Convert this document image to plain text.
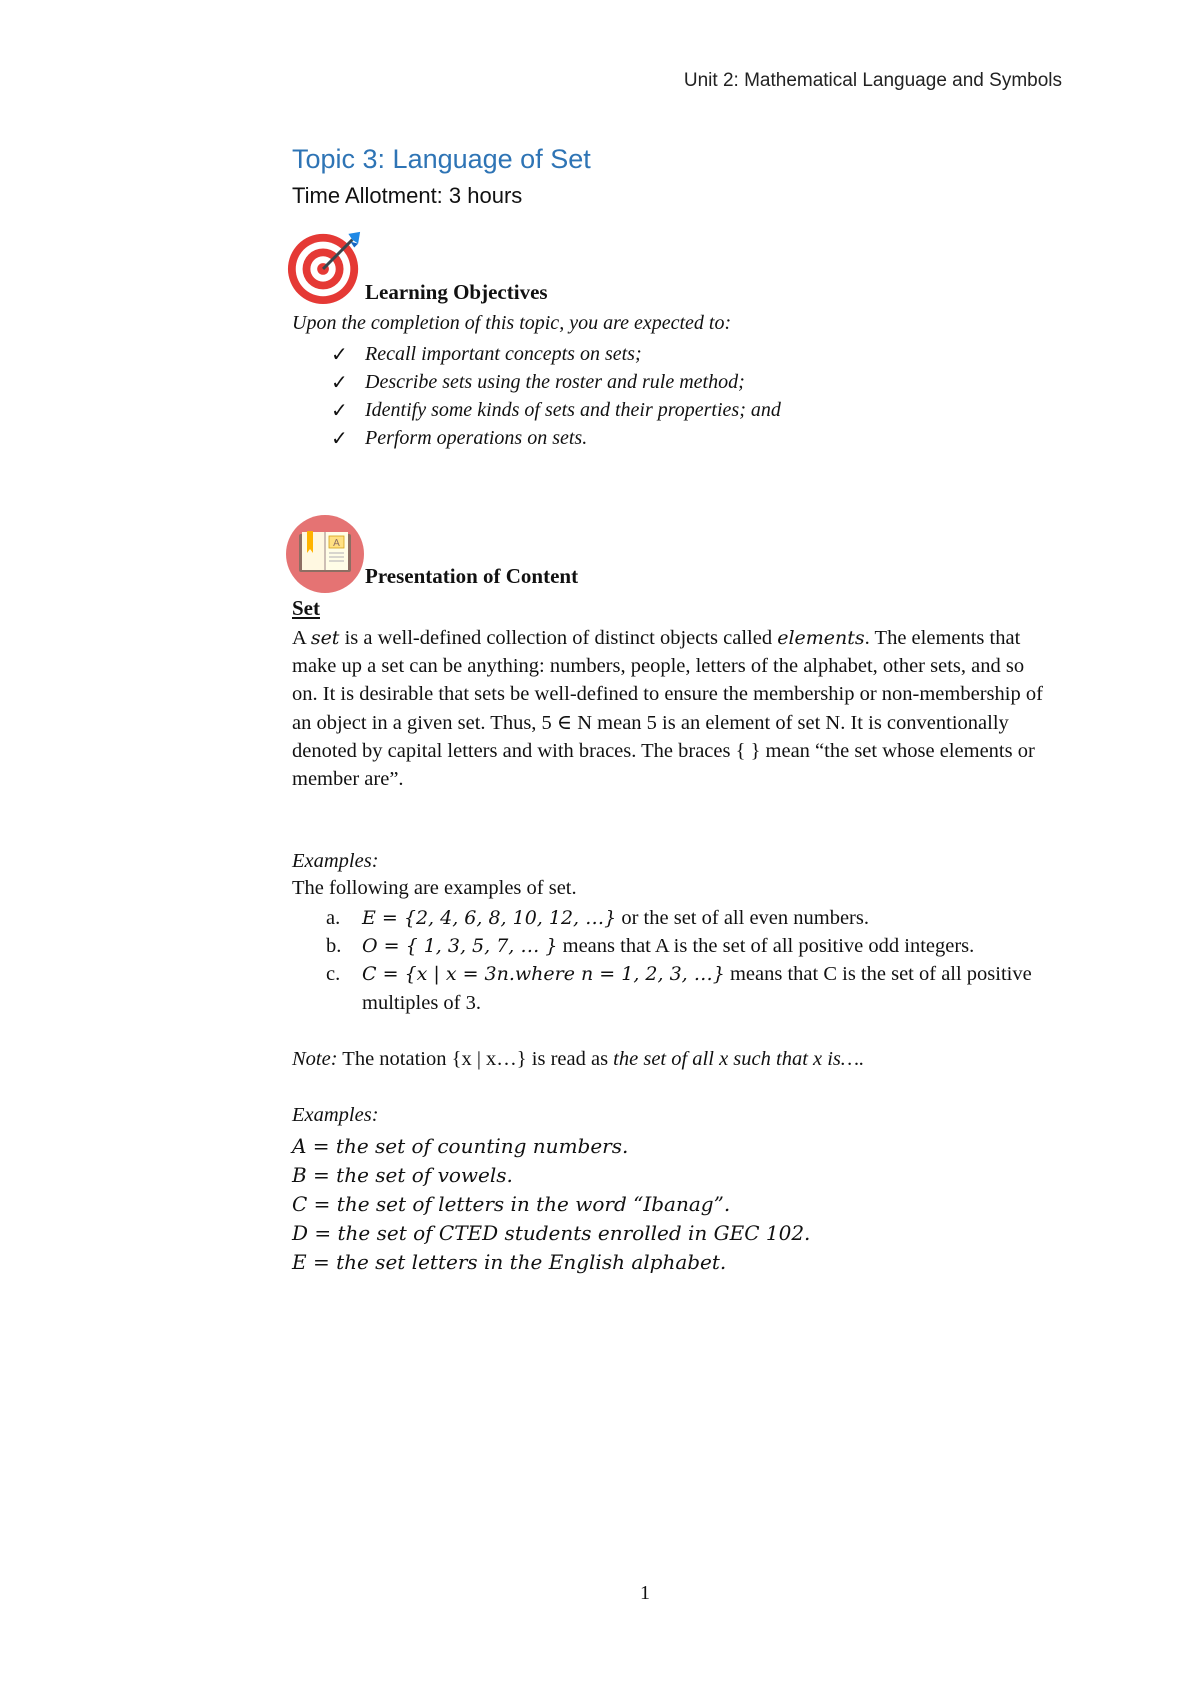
Unit 2: Mathematical Language and Symbols
Topic 3: Language of Set
Time Allotment: 3 hours
Learning Objectives
Upon the completion of this topic, you are expected to:
✓ Recall important concepts on sets;
✓ Describe sets using the roster and rule method;
✓ Identify some kinds of sets and their properties; and
✓ Perform operations on sets.
A
Presentation of Content
Set

A set is a well-defined collection of distinct objects called elements. The elements that make up a set can be anything: numbers, people, letters of the alphabet, other sets, and so on. It is desirable that sets be well-defined to ensure the membership or non-membership of an object in a given set. Thus, 5 ∈ N mean 5 is an element of set N. It is conventionally denoted by capital letters and with braces. The braces { } mean “the set whose elements or member are”.

Examples:
The following are examples of set.
a. E = {2, 4, 6, 8, 10, 12, …} or the set of all even numbers.
b. O = { 1, 3, 5, 7, … } means that A is the set of all positive odd integers.
c. C = {x | x = 3n.where n = 1, 2, 3, …} means that C is the set of all positive multiples of 3.
Note: The notation {x | x…} is read as the set of all x such that x is….
Examples:
A = the set of counting numbers.
B = the set of vowels.
C = the set of letters in the word “Ibanag”.
D = the set of CTED students enrolled in GEC 102.
E = the set letters in the English alphabet.
1
